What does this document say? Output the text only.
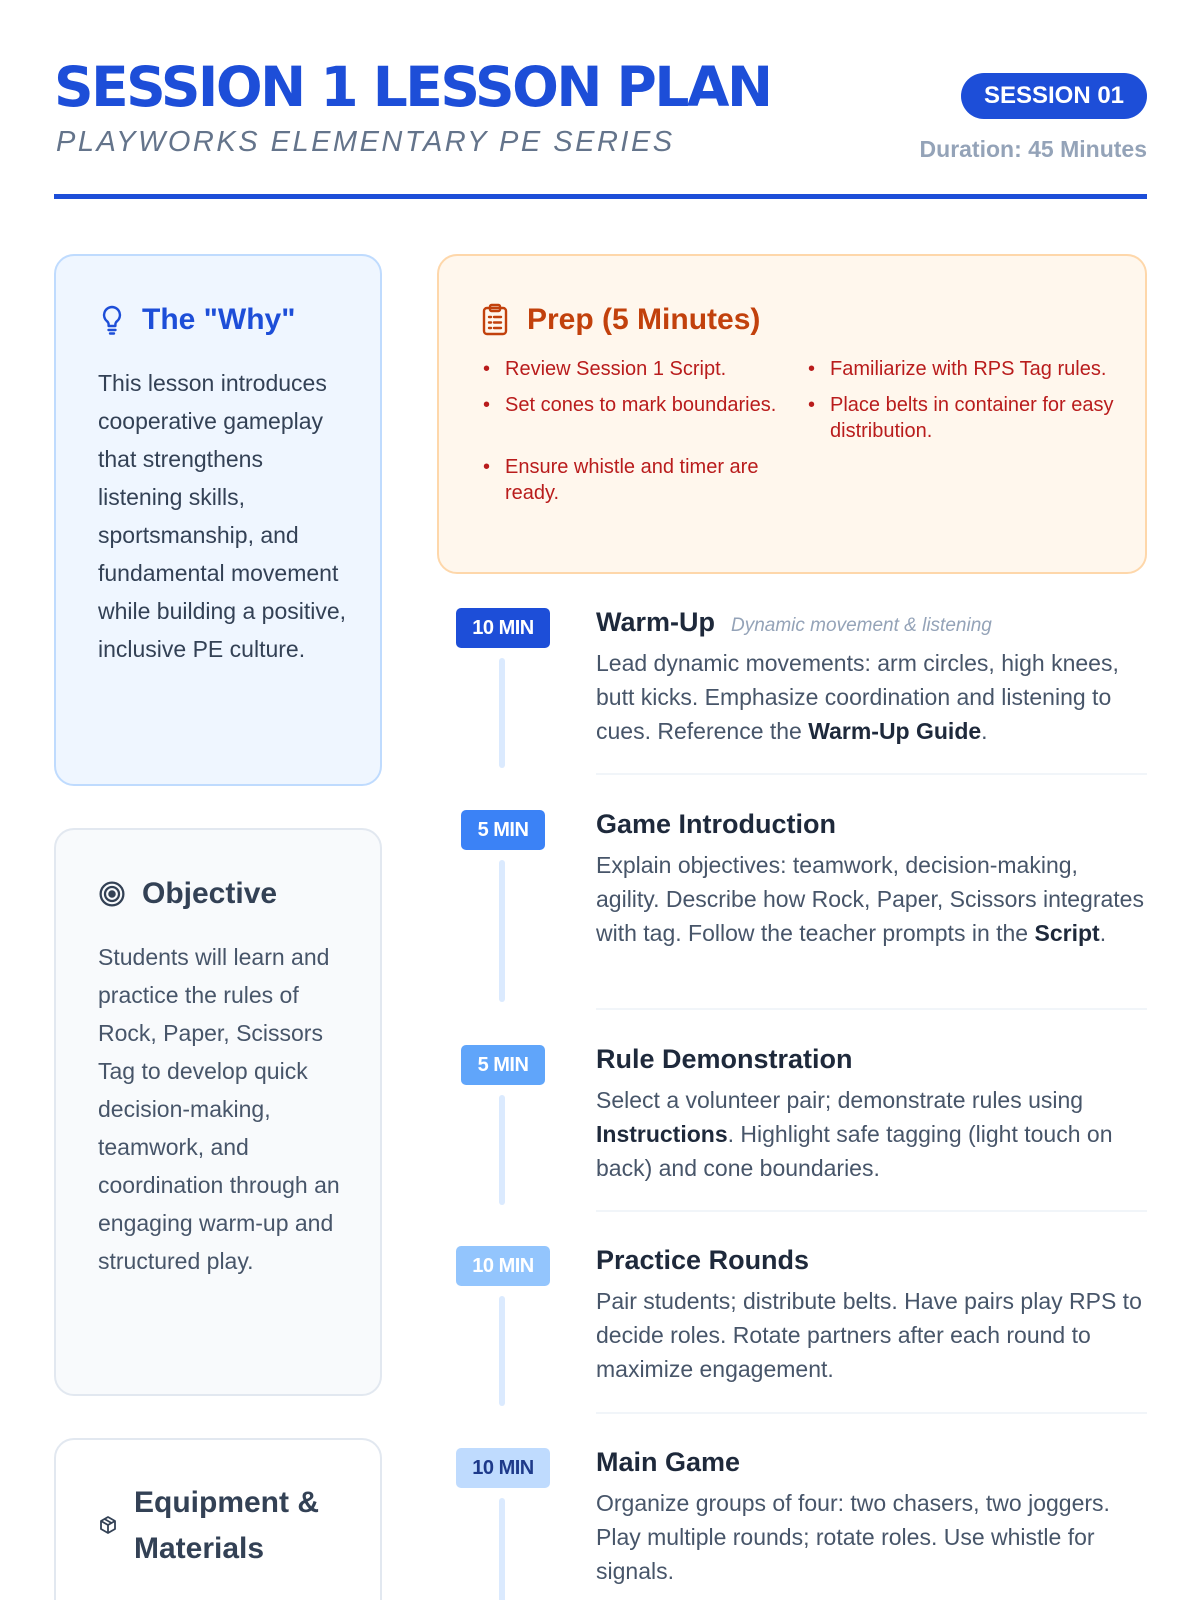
SESSION 1 LESSON PLAN
PLAYWORKS ELEMENTARY PE SERIES
SESSION 01
Duration: 45 Minutes
The "Why"
This lesson introduces cooperative gameplay that strengthens listening skills, sportsmanship, and fundamental movement while building a positive, inclusive PE culture.
Objective
Students will learn and practice the rules of Rock, Paper, Scissors Tag to develop quick decision-making, teamwork, and coordination through an engaging warm-up and structured play.
Equipment & Materials
Prep (5 Minutes)
• Review Session 1 Script.	• Familiarize with RPS Tag rules.
• Set cones to mark boundaries.	• Place belts in container for easy distribution.
• Ensure whistle and timer are ready.
10 MIN	Warm-Up Dynamic movement & listening
Lead dynamic movements: arm circles, high knees, butt kicks. Emphasize coordination and listening to cues. Reference the Warm-Up Guide.
5 MIN	Game Introduction
Explain objectives: teamwork, decision-making, agility. Describe how Rock, Paper, Scissors integrates with tag. Follow the teacher prompts in the Script.
5 MIN	Rule Demonstration
Select a volunteer pair; demonstrate rules using Instructions. Highlight safe tagging (light touch on back) and cone boundaries.
10 MIN	Practice Rounds
Pair students; distribute belts. Have pairs play RPS to decide roles. Rotate partners after each round to maximize engagement.
10 MIN	Main Game
Organize groups of four: two chasers, two joggers. Play multiple rounds; rotate roles. Use whistle for signals.
